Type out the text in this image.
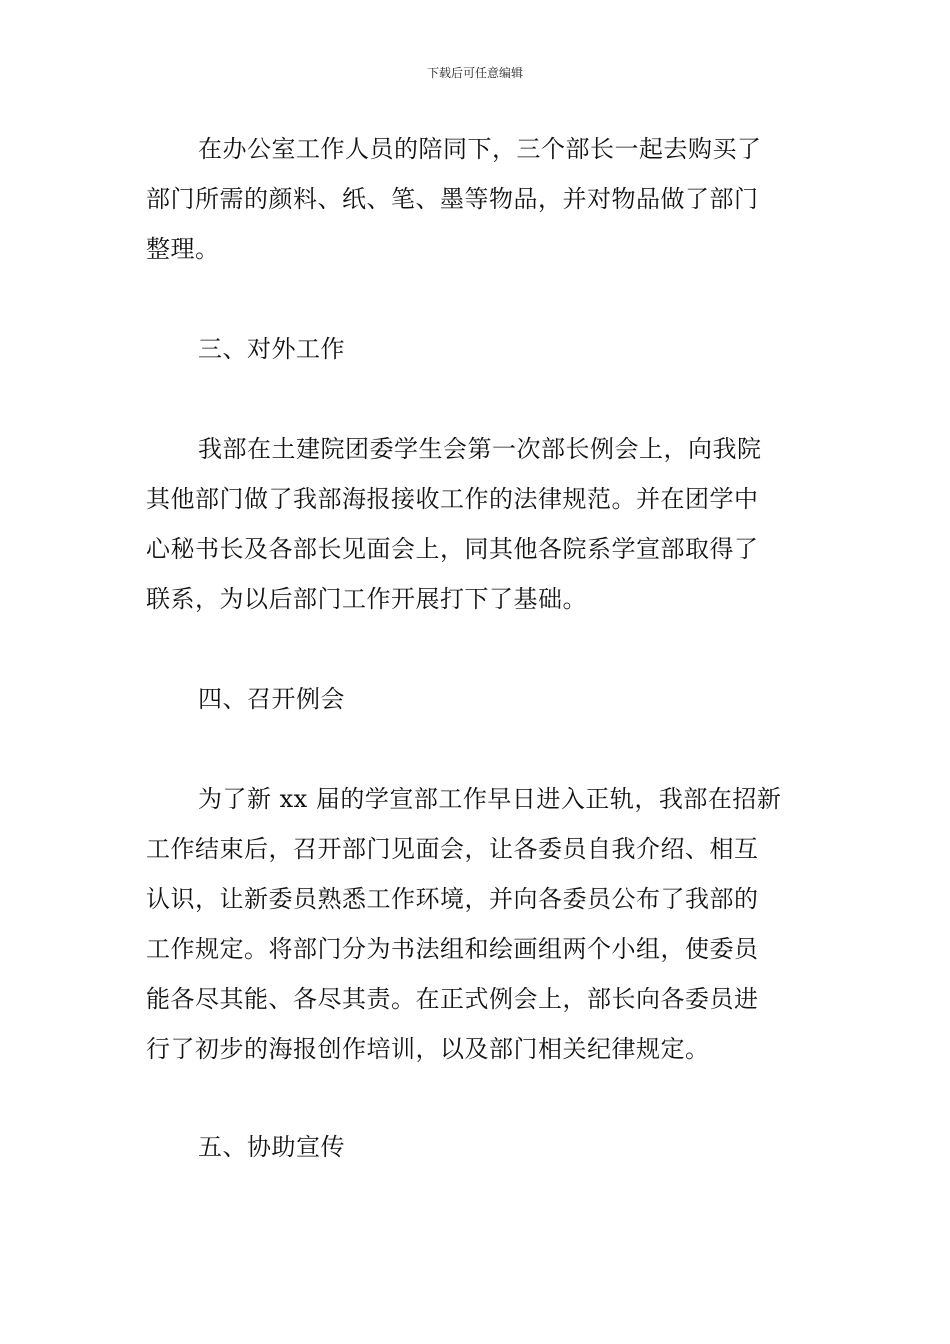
下载后可任意编辑
在办公室工作人员的陪同下，三个部长一起去购买了
部门所需的颜料、纸、笔、墨等物品，并对物品做了部门
整理。
三、对外工作
我部在土建院团委学生会第一次部长例会上，向我院
其他部门做了我部海报接收工作的法律规范。并在团学中
心秘书长及各部长见面会上，同其他各院系学宣部取得了
联系，为以后部门工作开展打下了基础。
四、召开例会
为了新 xx 届的学宣部工作早日进入正轨，我部在招新
工作结束后，召开部门见面会，让各委员自我介绍、相互
认识，让新委员熟悉工作环境，并向各委员公布了我部的
工作规定。将部门分为书法组和绘画组两个小组，使委员
能各尽其能、各尽其责。在正式例会上，部长向各委员进
行了初步的海报创作培训，以及部门相关纪律规定。
五、协助宣传
